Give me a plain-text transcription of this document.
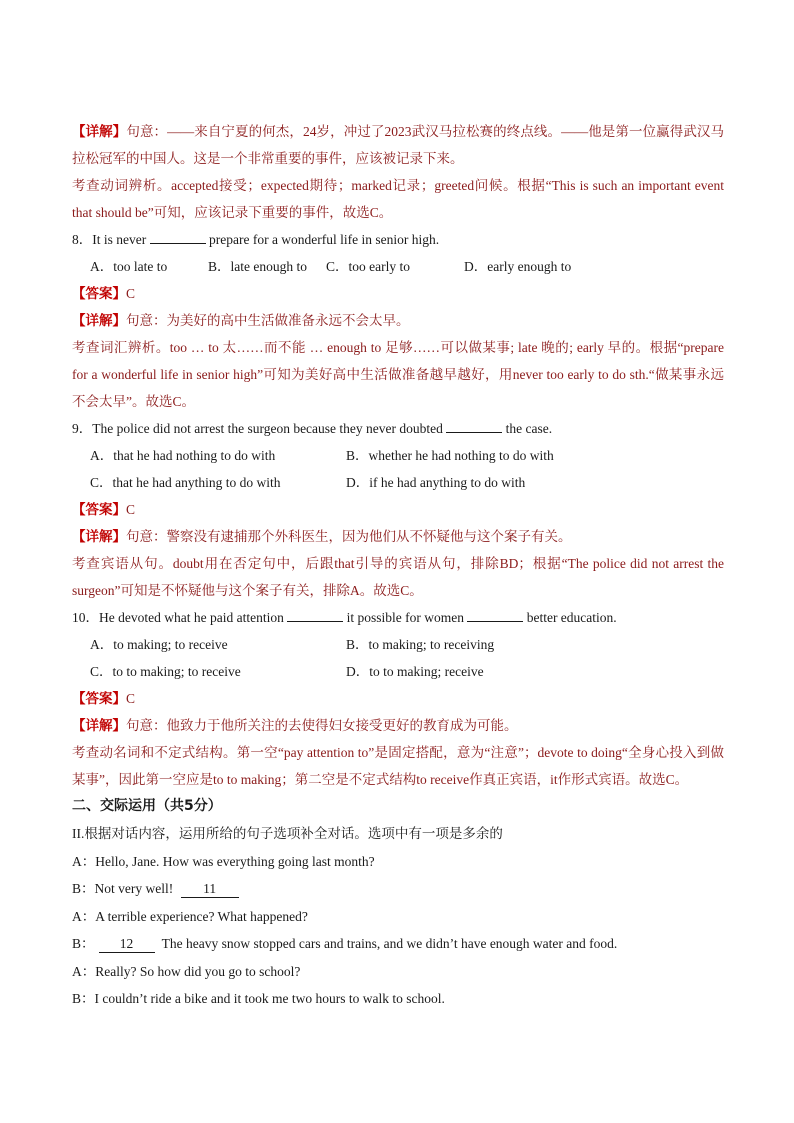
【详解】句意：——来自宁夏的何杰，24岁，冲过了2023武汉马拉松赛的终点线。——他是第一位赢得武汉马拉松冠军的中国人。这是一个非常重要的事件，应该被记录下来。

考查动词辨析。accepted接受；expected期待；marked记录；greeted问候。根据“This is such an important event that should be”可知，应该记录下重要的事件，故选C。

8．It is never	prepare for a wonderful life in senior high.

A．too late to	B．late enough to	C．too early to	D．early enough to

【答案】C

【详解】句意：为美好的高中生活做准备永远不会太早。

考查词汇辨析。too … to 太……而不能 … enough to 足够……可以做某事; late 晚的; early 早的。根据“prepare for a wonderful life in senior high”可知为美好高中生活做准备越早越好，用never too early to do sth.“做某事永远不会太早”。故选C。

9．The police did not arrest the surgeon because they never doubted	the case.

A．that he had nothing to do with	B．whether he had nothing to do with
C．that he had anything to do with	D．if he had anything to do with

【答案】C

【详解】句意：警察没有逮捕那个外科医生，因为他们从不怀疑他与这个案子有关。

考查宾语从句。doubt用在否定句中，后跟that引导的宾语从句，排除BD；根据“The police did not arrest the surgeon”可知是不怀疑他与这个案子有关，排除A。故选C。

10．He devoted what he paid attention	it possible for women	better education.

A．to making; to receive	B．to making; to receiving
C．to to making; to receive	D．to to making; receive

【答案】C

【详解】句意：他致力于他所关注的去使得妇女接受更好的教育成为可能。

考查动名词和不定式结构。第一空“pay attention to”是固定搭配，意为“注意”；devote to doing“全身心投入到做某事”，因此第一空应是to to making；第二空是不定式结构to receive作真正宾语，it作形式宾语。故选C。

二、交际运用（共5分）

II.根据对话内容，运用所给的句子选项补全对话。选项中有一项是多余的

A：Hello, Jane. How was everything going last month?

B：Not very well! 11

A：A terrible experience? What happened?

B： 12 The heavy snow stopped cars and trains, and we didn’t have enough water and food.

A：Really? So how did you go to school?

B：I couldn’t ride a bike and it took me two hours to walk to school.
